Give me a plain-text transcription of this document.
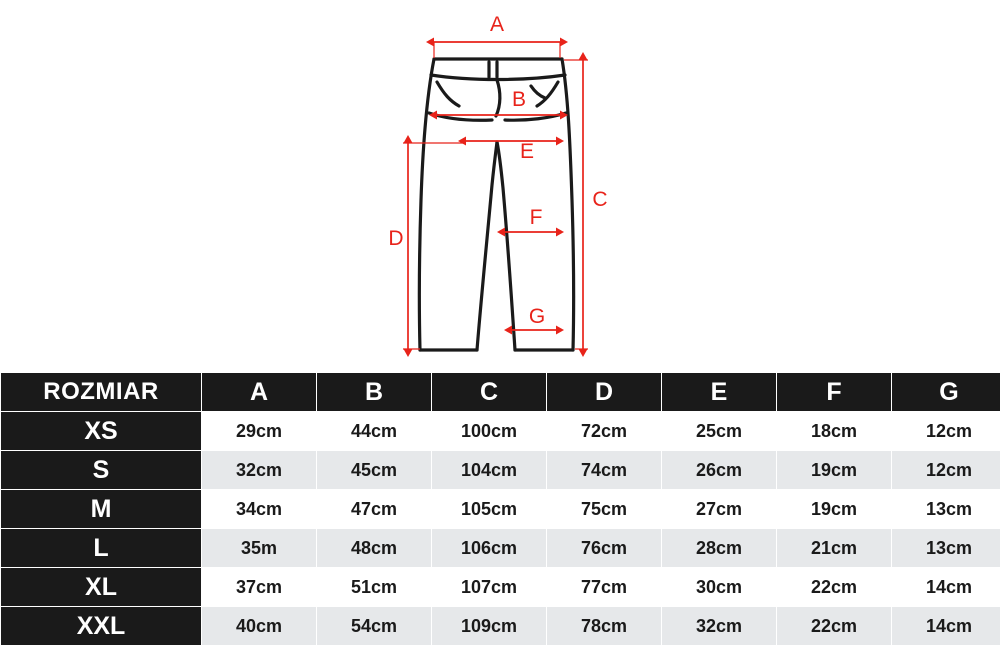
A
B
E
F
G
C
D
ROZMIAR	A	B	C	D	E	F	G
XS	29cm	44cm	100cm	72cm	25cm	18cm	12cm
S	32cm	45cm	104cm	74cm	26cm	19cm	12cm
M	34cm	47cm	105cm	75cm	27cm	19cm	13cm
L	35m	48cm	106cm	76cm	28cm	21cm	13cm
XL	37cm	51cm	107cm	77cm	30cm	22cm	14cm
XXL	40cm	54cm	109cm	78cm	32cm	22cm	14cm
